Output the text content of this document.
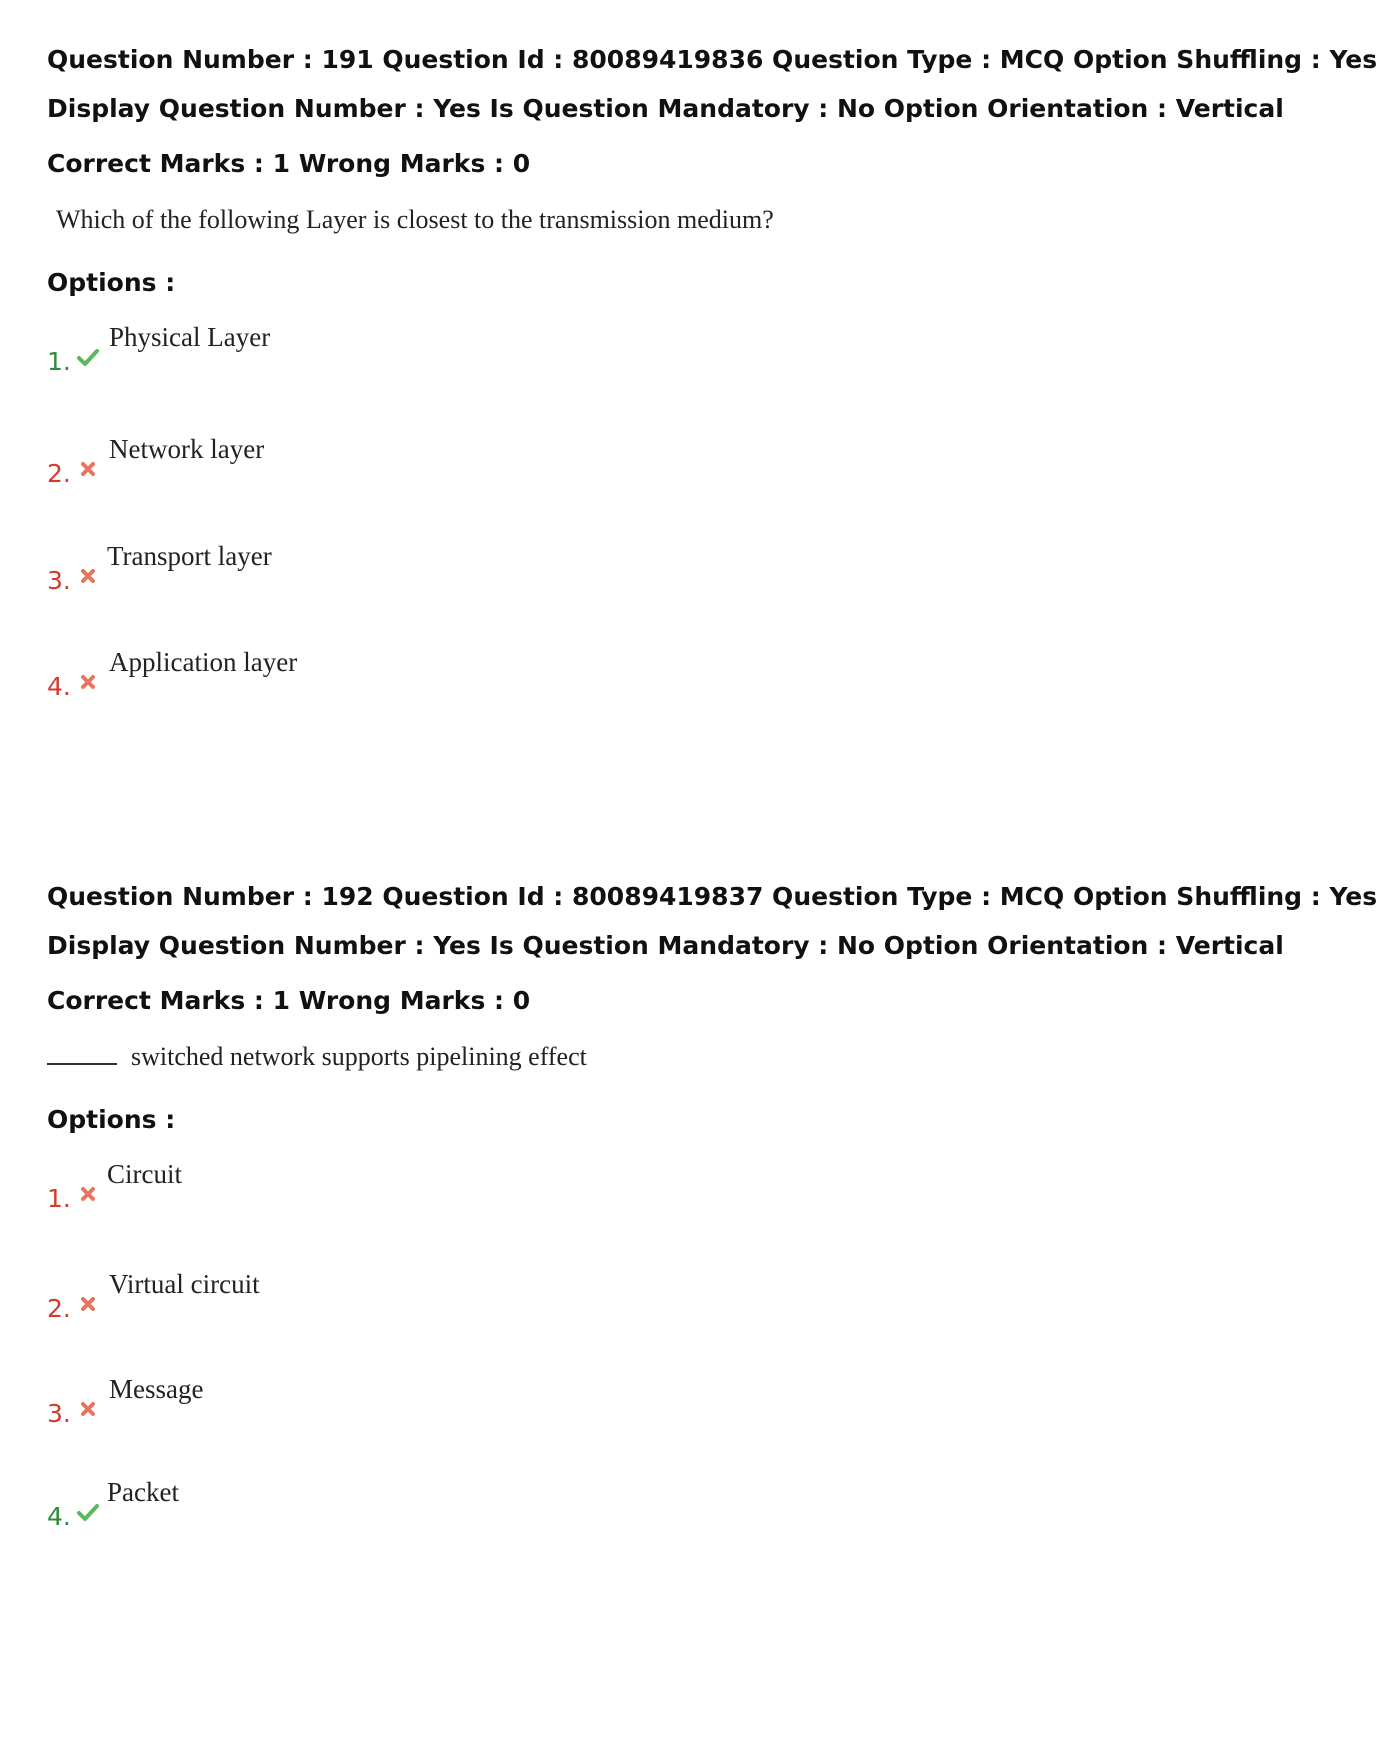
Question Number : 191 Question Id : 80089419836 Question Type : MCQ Option Shuffling : Yes
Display Question Number : Yes Is Question Mandatory : No Option Orientation : Vertical
Correct Marks : 1 Wrong Marks : 0
Which of the following Layer is closest to the transmission medium?
Options :
1.
Physical Layer
2.
Network layer
3.
Transport layer
4.
Application layer
Question Number : 192 Question Id : 80089419837 Question Type : MCQ Option Shuffling : Yes
Display Question Number : Yes Is Question Mandatory : No Option Orientation : Vertical
Correct Marks : 1 Wrong Marks : 0
switched network supports pipelining effect
Options :
1.
Circuit
2.
Virtual circuit
3.
Message
4.
Packet
